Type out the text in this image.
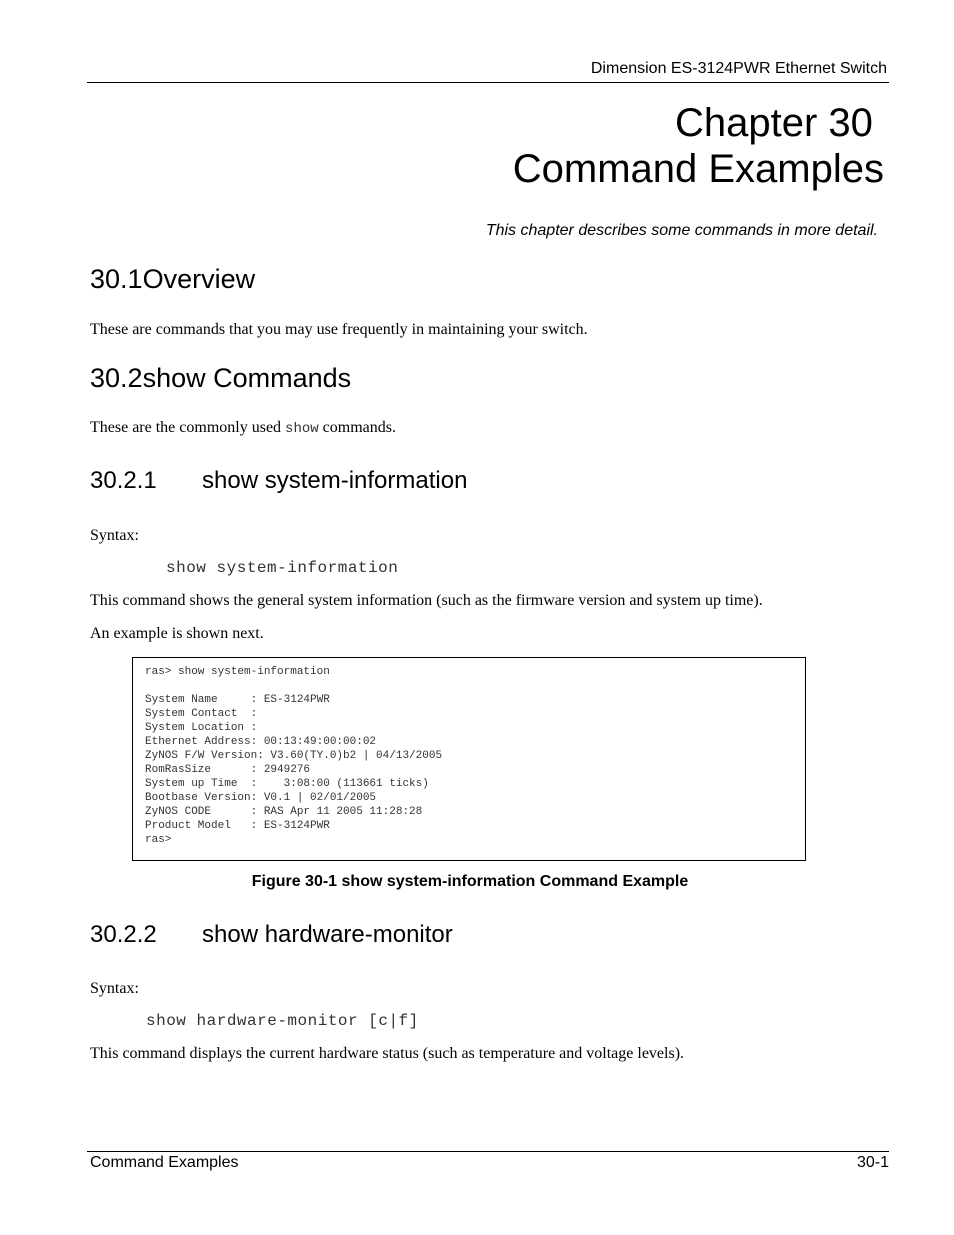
Dimension ES-3124PWR Ethernet Switch
Chapter 30
Command Examples
This chapter describes some commands in more detail.
30.1Overview
These are commands that you may use frequently in maintaining your switch.
30.2show Commands
These are the commonly used show commands.
30.2.1 show system-information
Syntax:
show system-information
This command shows the general system information (such as the firmware version and system up time).
An example is shown next.
ras> show system-information

System Name     : ES-3124PWR
System Contact  :
System Location :
Ethernet Address: 00:13:49:00:00:02
ZyNOS F/W Version: V3.60(TY.0)b2 | 04/13/2005
RomRasSize      : 2949276
System up Time  :    3:08:00 (113661 ticks)
Bootbase Version: V0.1 | 02/01/2005
ZyNOS CODE      : RAS Apr 11 2005 11:28:28
Product Model   : ES-3124PWR
ras>
Figure 30-1 show system-information Command Example
30.2.2 show hardware-monitor
Syntax:
show hardware-monitor [c|f]
This command displays the current hardware status (such as temperature and voltage levels).
Command Examples	30-1
